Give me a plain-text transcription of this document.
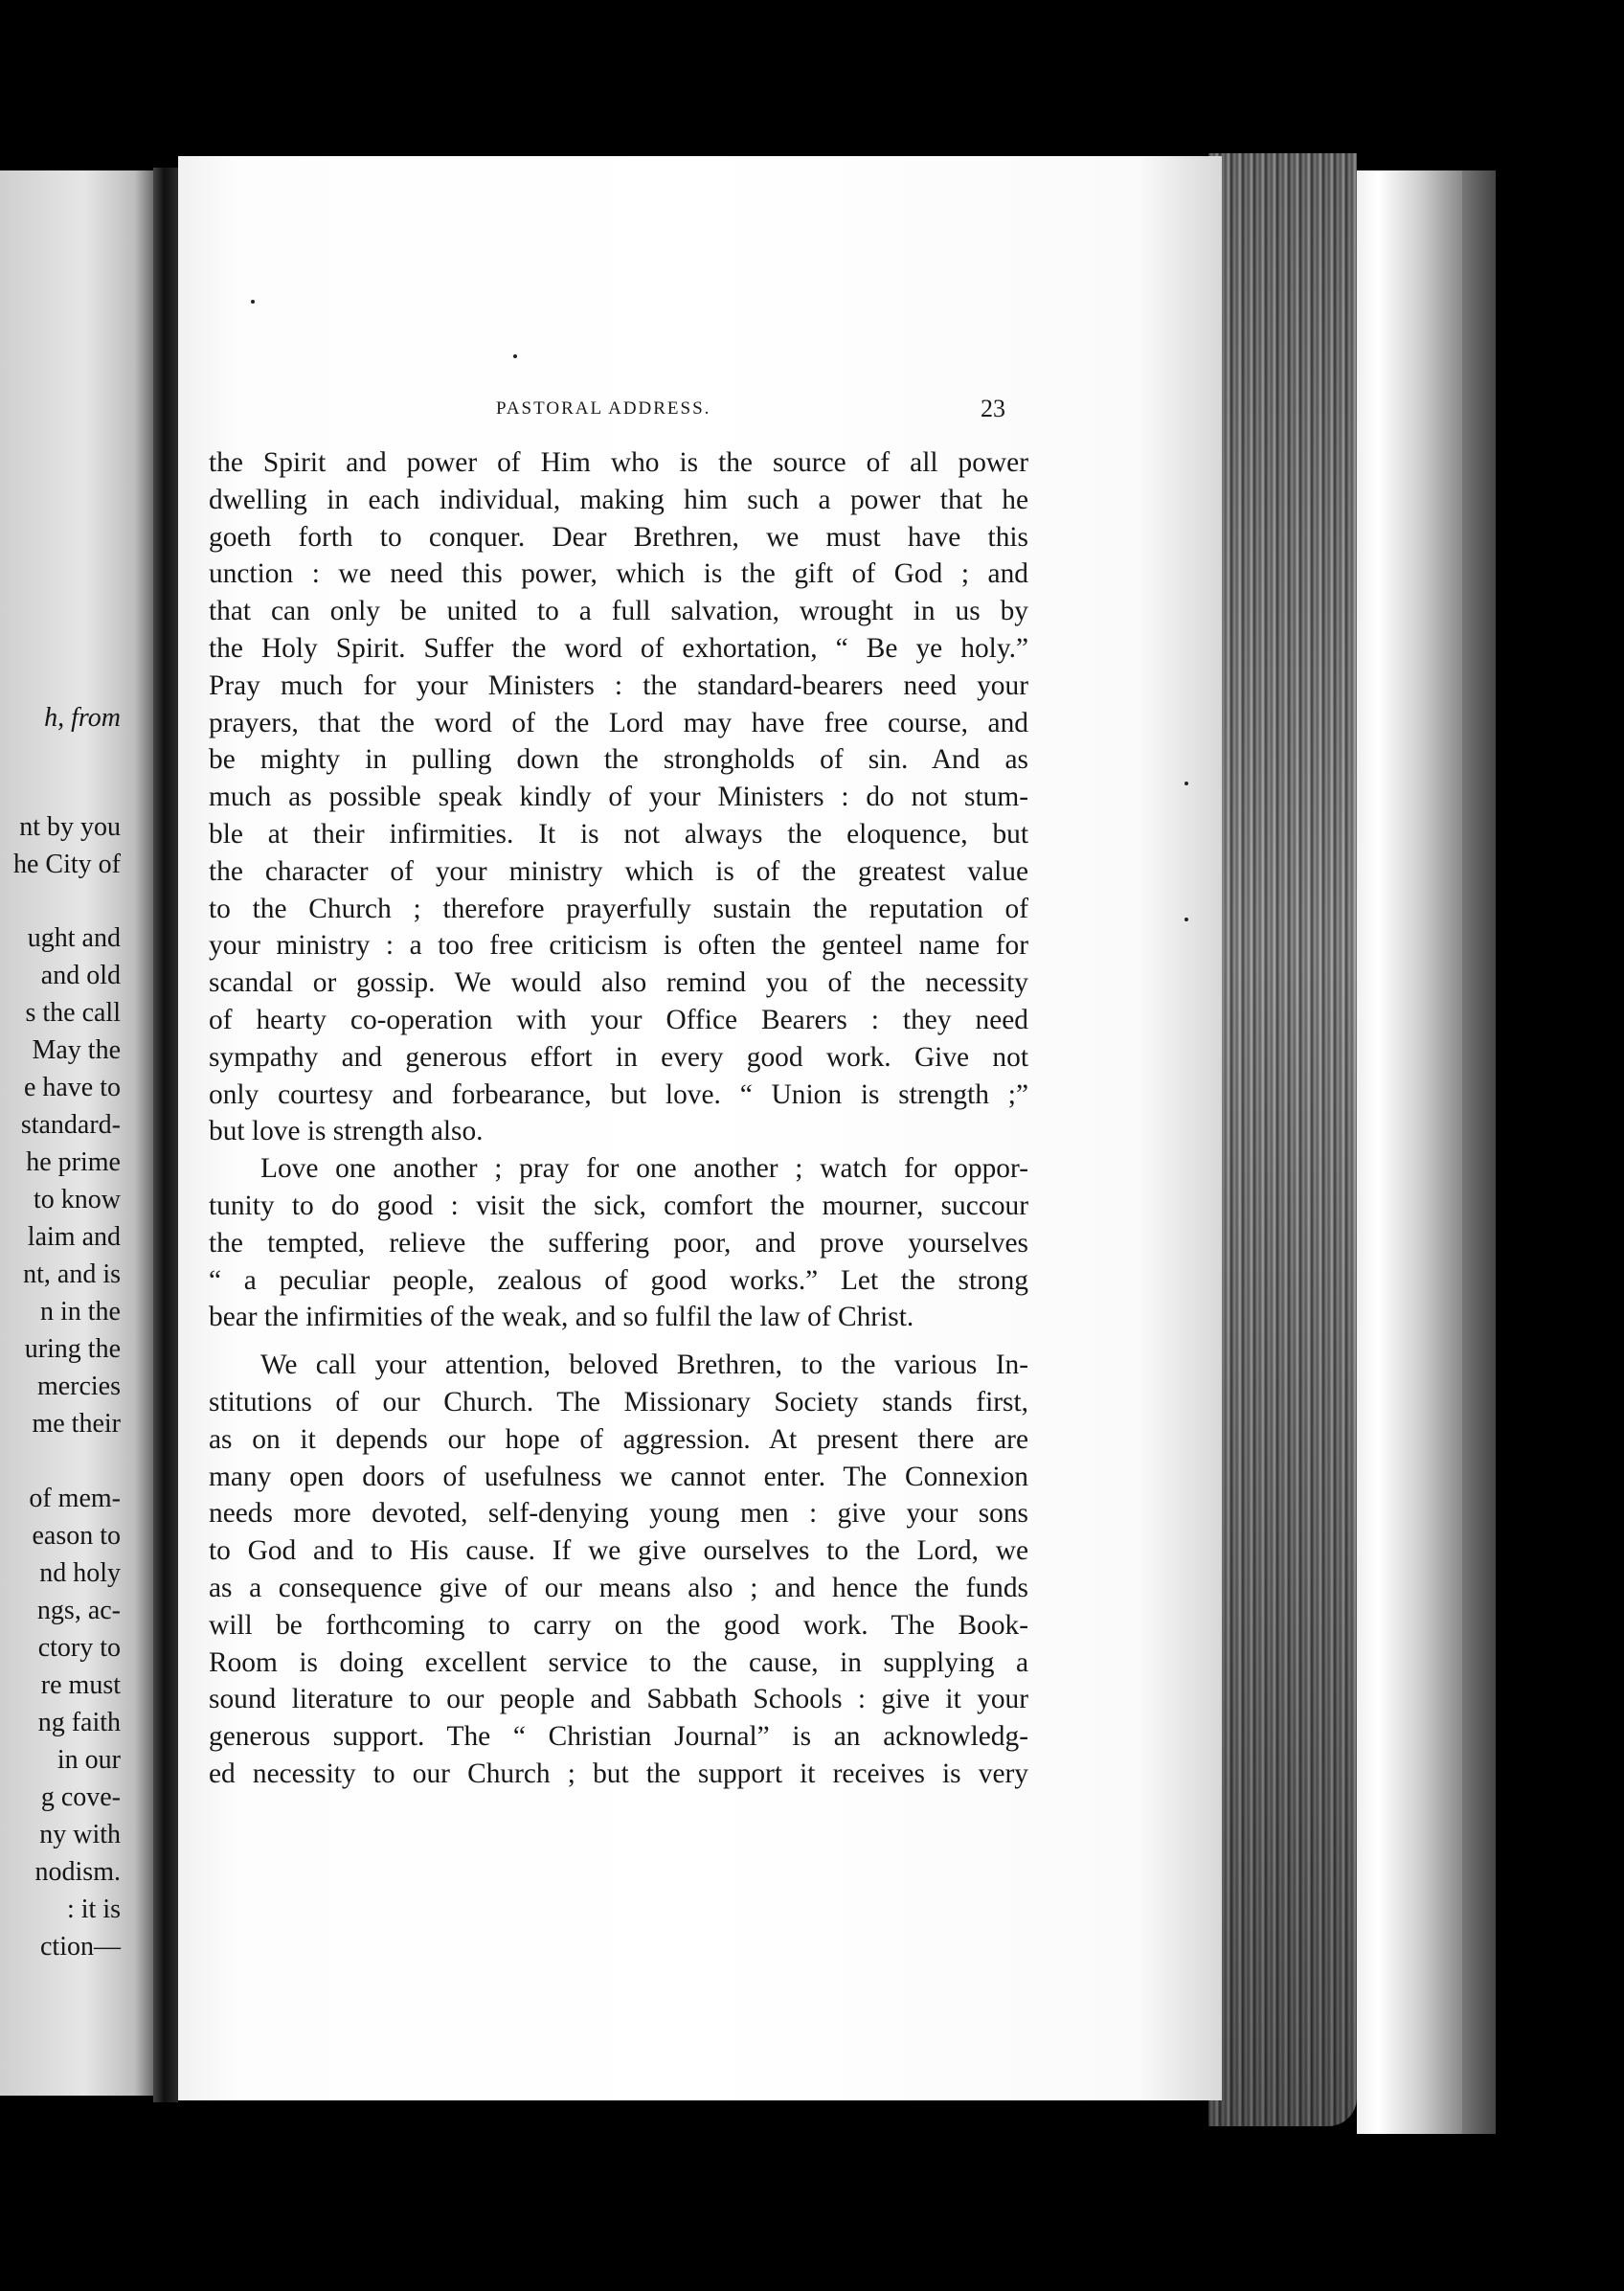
h, from
nt by you
he City of
ught and
and old
s the call
May the
e have to
standard-
he prime
to know
laim and
nt, and is
n in the
uring the
mercies
me their
of mem-
eason to
nd holy
ngs, ac-
ctory to
re must
ng faith
in our
g cove-
ny with
nodism.
: it is
ction—
PASTORAL ADDRESS.	23
the Spirit and power of Him who is the source of all power
dwelling in each individual, making him such a power that he
goeth forth to conquer. Dear Brethren, we must have this
unction : we need this power, which is the gift of God ; and
that can only be united to a full salvation, wrought in us by
the Holy Spirit. Suffer the word of exhortation, “ Be ye holy.”
Pray much for your Ministers : the standard-bearers need your
prayers, that the word of the Lord may have free course, and
be mighty in pulling down the strongholds of sin. And as
much as possible speak kindly of your Ministers : do not stum-
ble at their infirmities. It is not always the eloquence, but
the character of your ministry which is of the greatest value
to the Church ; therefore prayerfully sustain the reputation of
your ministry : a too free criticism is often the genteel name for
scandal or gossip. We would also remind you of the necessity
of hearty co-operation with your Office Bearers : they need
sympathy and generous effort in every good work. Give not
only courtesy and forbearance, but love. “ Union is strength ;”
but love is strength also.
Love one another ; pray for one another ; watch for oppor-
tunity to do good : visit the sick, comfort the mourner, succour
the tempted, relieve the suffering poor, and prove yourselves
“ a peculiar people, zealous of good works.” Let the strong
bear the infirmities of the weak, and so fulfil the law of Christ.
We call your attention, beloved Brethren, to the various In-
stitutions of our Church. The Missionary Society stands first,
as on it depends our hope of aggression. At present there are
many open doors of usefulness we cannot enter. The Connexion
needs more devoted, self-denying young men : give your sons
to God and to His cause. If we give ourselves to the Lord, we
as a consequence give of our means also ; and hence the funds
will be forthcoming to carry on the good work. The Book-
Room is doing excellent service to the cause, in supplying a
sound literature to our people and Sabbath Schools : give it your
generous support. The “ Christian Journal” is an acknowledg-
ed necessity to our Church ; but the support it receives is very
